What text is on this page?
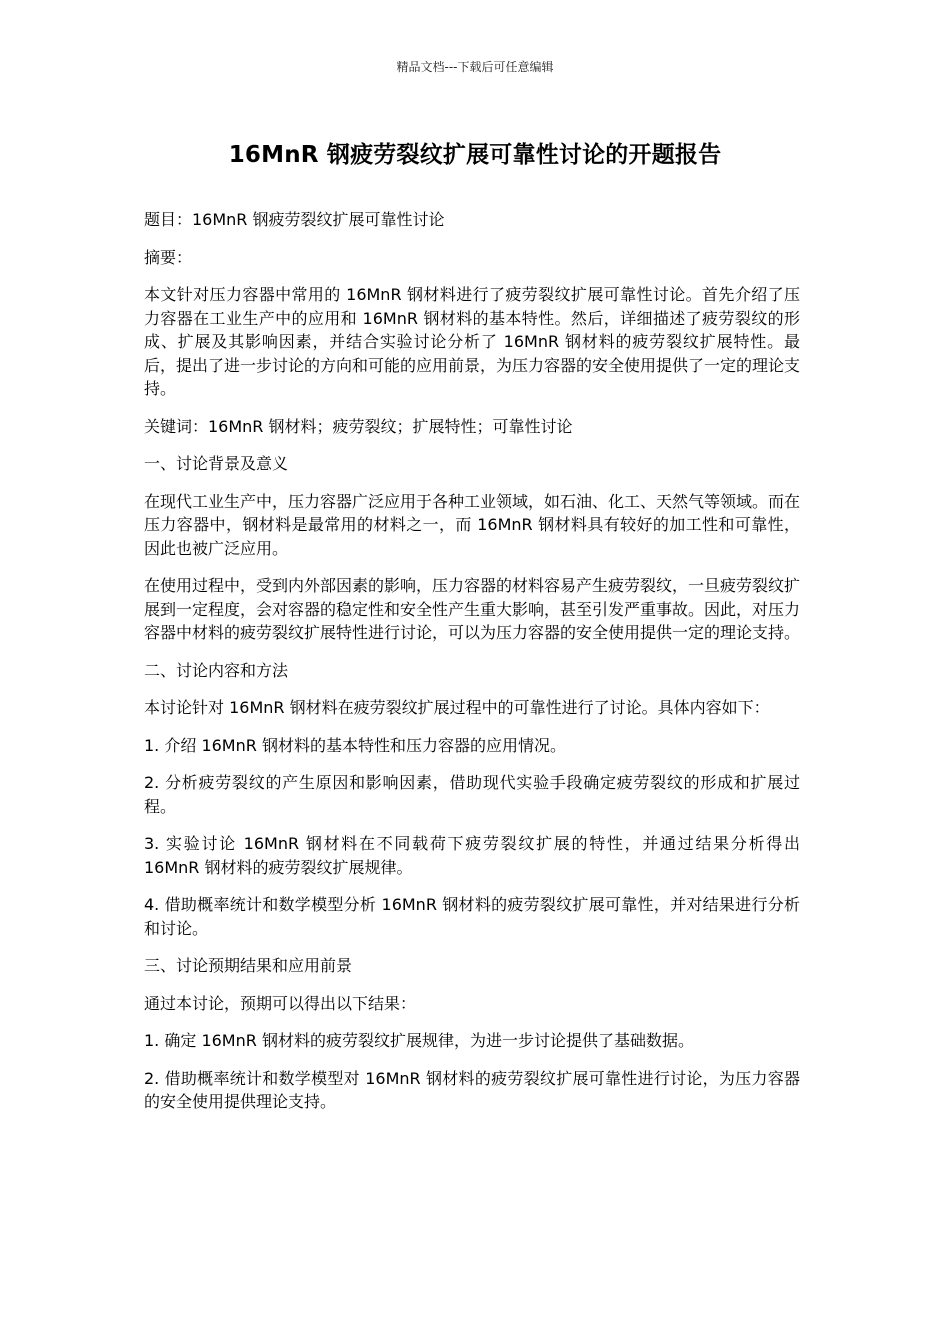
精品文档---下载后可任意编辑
16MnR 钢疲劳裂纹扩展可靠性讨论的开题报告

题目：16MnR 钢疲劳裂纹扩展可靠性讨论

摘要：

本文针对压力容器中常用的 16MnR 钢材料进行了疲劳裂纹扩展可靠性讨论。首先介绍了压力容器在工业生产中的应用和 16MnR 钢材料的基本特性。然后，详细描述了疲劳裂纹的形成、扩展及其影响因素，并结合实验讨论分析了 16MnR 钢材料的疲劳裂纹扩展特性。最后，提出了进一步讨论的方向和可能的应用前景，为压力容器的安全使用提供了一定的理论支持。

关键词：16MnR 钢材料；疲劳裂纹；扩展特性；可靠性讨论

一、讨论背景及意义

在现代工业生产中，压力容器广泛应用于各种工业领域，如石油、化工、天然气等领域。而在压力容器中，钢材料是最常用的材料之一，而 16MnR 钢材料具有较好的加工性和可靠性，因此也被广泛应用。

在使用过程中，受到内外部因素的影响，压力容器的材料容易产生疲劳裂纹，一旦疲劳裂纹扩展到一定程度，会对容器的稳定性和安全性产生重大影响，甚至引发严重事故。因此，对压力容器中材料的疲劳裂纹扩展特性进行讨论，可以为压力容器的安全使用提供一定的理论支持。

二、讨论内容和方法

本讨论针对 16MnR 钢材料在疲劳裂纹扩展过程中的可靠性进行了讨论。具体内容如下：

1. 介绍 16MnR 钢材料的基本特性和压力容器的应用情况。

2. 分析疲劳裂纹的产生原因和影响因素，借助现代实验手段确定疲劳裂纹的形成和扩展过程。

3. 实验讨论 16MnR 钢材料在不同载荷下疲劳裂纹扩展的特性，并通过结果分析得出 16MnR 钢材料的疲劳裂纹扩展规律。

4. 借助概率统计和数学模型分析 16MnR 钢材料的疲劳裂纹扩展可靠性，并对结果进行分析和讨论。

三、讨论预期结果和应用前景

通过本讨论，预期可以得出以下结果：

1. 确定 16MnR 钢材料的疲劳裂纹扩展规律，为进一步讨论提供了基础数据。

2. 借助概率统计和数学模型对 16MnR 钢材料的疲劳裂纹扩展可靠性进行讨论，为压力容器的安全使用提供理论支持。
